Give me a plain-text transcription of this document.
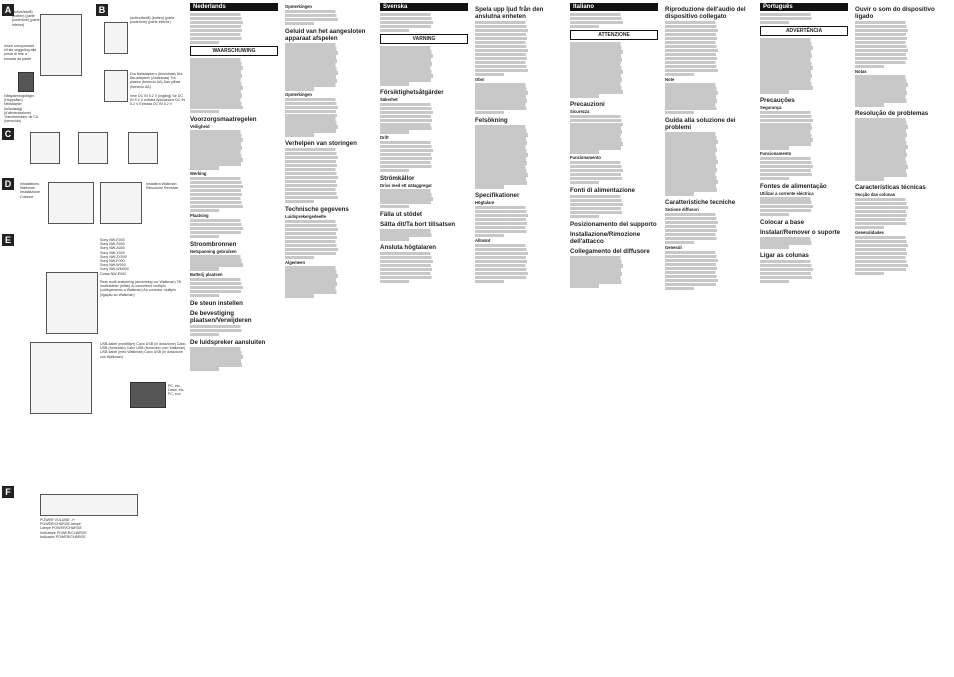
A (active/kedå) (botten) (parte posteriore) (parte inferior)
Insert unnoyronant ell ste veggsling alla prese di rete a tomada da parde
Nätspänningsfäger (Hoppsåkn) Netadapter (fullmässig) (d'alimentazione) Transformador de CA (fornecido)
B
(active/kedå) (botten) (parte posteriore) (parte inferior)
Dra Netadaptern (Anslutnas) Dra 8la-adaptern (Anslutnas) Tra piastra (fornecio AA) Das pilhas (fornecio AA)
Inne DC IN 5.2 V (ingång) Se DC IN 5.2 V entrata Aplicazione DC IN 5.2 V Entrada DC IN 5.2 V
C
D	Installations Walkman Installazione Colonne
Installera Walkman Rimozione Remover
E	Sony NW-E000
Sony NW-S000
Sony NW-A000
Sony NW-X000
Sony NW-ZX000
Sony NW-F000
Sony NW-W000
Sony NW-WM000
Gotas NW-E000
Rear multi-anslutning (anslutning vor Walkman) Till multiutdeter (elfisk) Ai connettore multiplo (collegamento a Walkman) Ao conector multiplo (ligação ao Walkman)
USB-kabel (medföljer) Cavo USB (in dotazione) Cabo USB (fornecido) Cabo USB (fornecido com Walkman) USB-kabel (med Walkman) Cavo USB (in dotazione con Walkman)
PC, etc. Dator, etc. PC, ecc.
F
POWER VOLUME -/+
POWER/CHARGE-lampe
Lampe POWER/CHARGE
Indicatore POWER/CHARGE
Indicador POWER/CHARGE
Nederlands
WAARSCHUWING
Voorzorgsmaatregelen
Veiligheid
Werking
Plaatsing
Stroombronnen
Netspanning gebruiken
Batterij plaatsen
De steun instellen
De bevestiging plaatsen/Verwijderen
De luidspreker aansluiten
Opmerkingen
Geluid van het aangesloten apparaat afspelen
Opmerkingen
Verhelpen van storingen
Technische gegevens
Luidsprekergedeelte
Algemeen
Svenska
VARNING
Försiktighetsåtgärder
Säkerhet
Drift
Strömkällor
Drivs med ett nätaggregat
Fälla ut stödet
Sätta dit/Ta bort tillsatsen
Ansluta högtalaren
Spela upp ljud från den anslutna enheten
Obs!
Felsökning
Specifikationer
Högtalare
Allmänt
Italiano
ATTENZIONE
Precauzioni
Sicurezza
Funzionamento
Fonti di alimentazione
Posizionamento del supporto
Installazione/Rimozione dell'attacco
Collegamento del diffusore
Riproduzione dell'audio del dispositivo collegato
Note
Guida alla soluzione dei problemi
Caratteristiche tecniche
Sezione diffusori
Generali
Português
ADVERTÊNCIA
Precauções
Segurança
Funcionamento
Fontes de alimentação
Utilizar a corrente eléctrica
Colocar a base
Instalar/Remover o suporte
Ligar as colunas
Ouvir o som do dispositivo ligado
Notas
Resolução de problemas
Características técnicas
Secção das colunas
Generalidades
